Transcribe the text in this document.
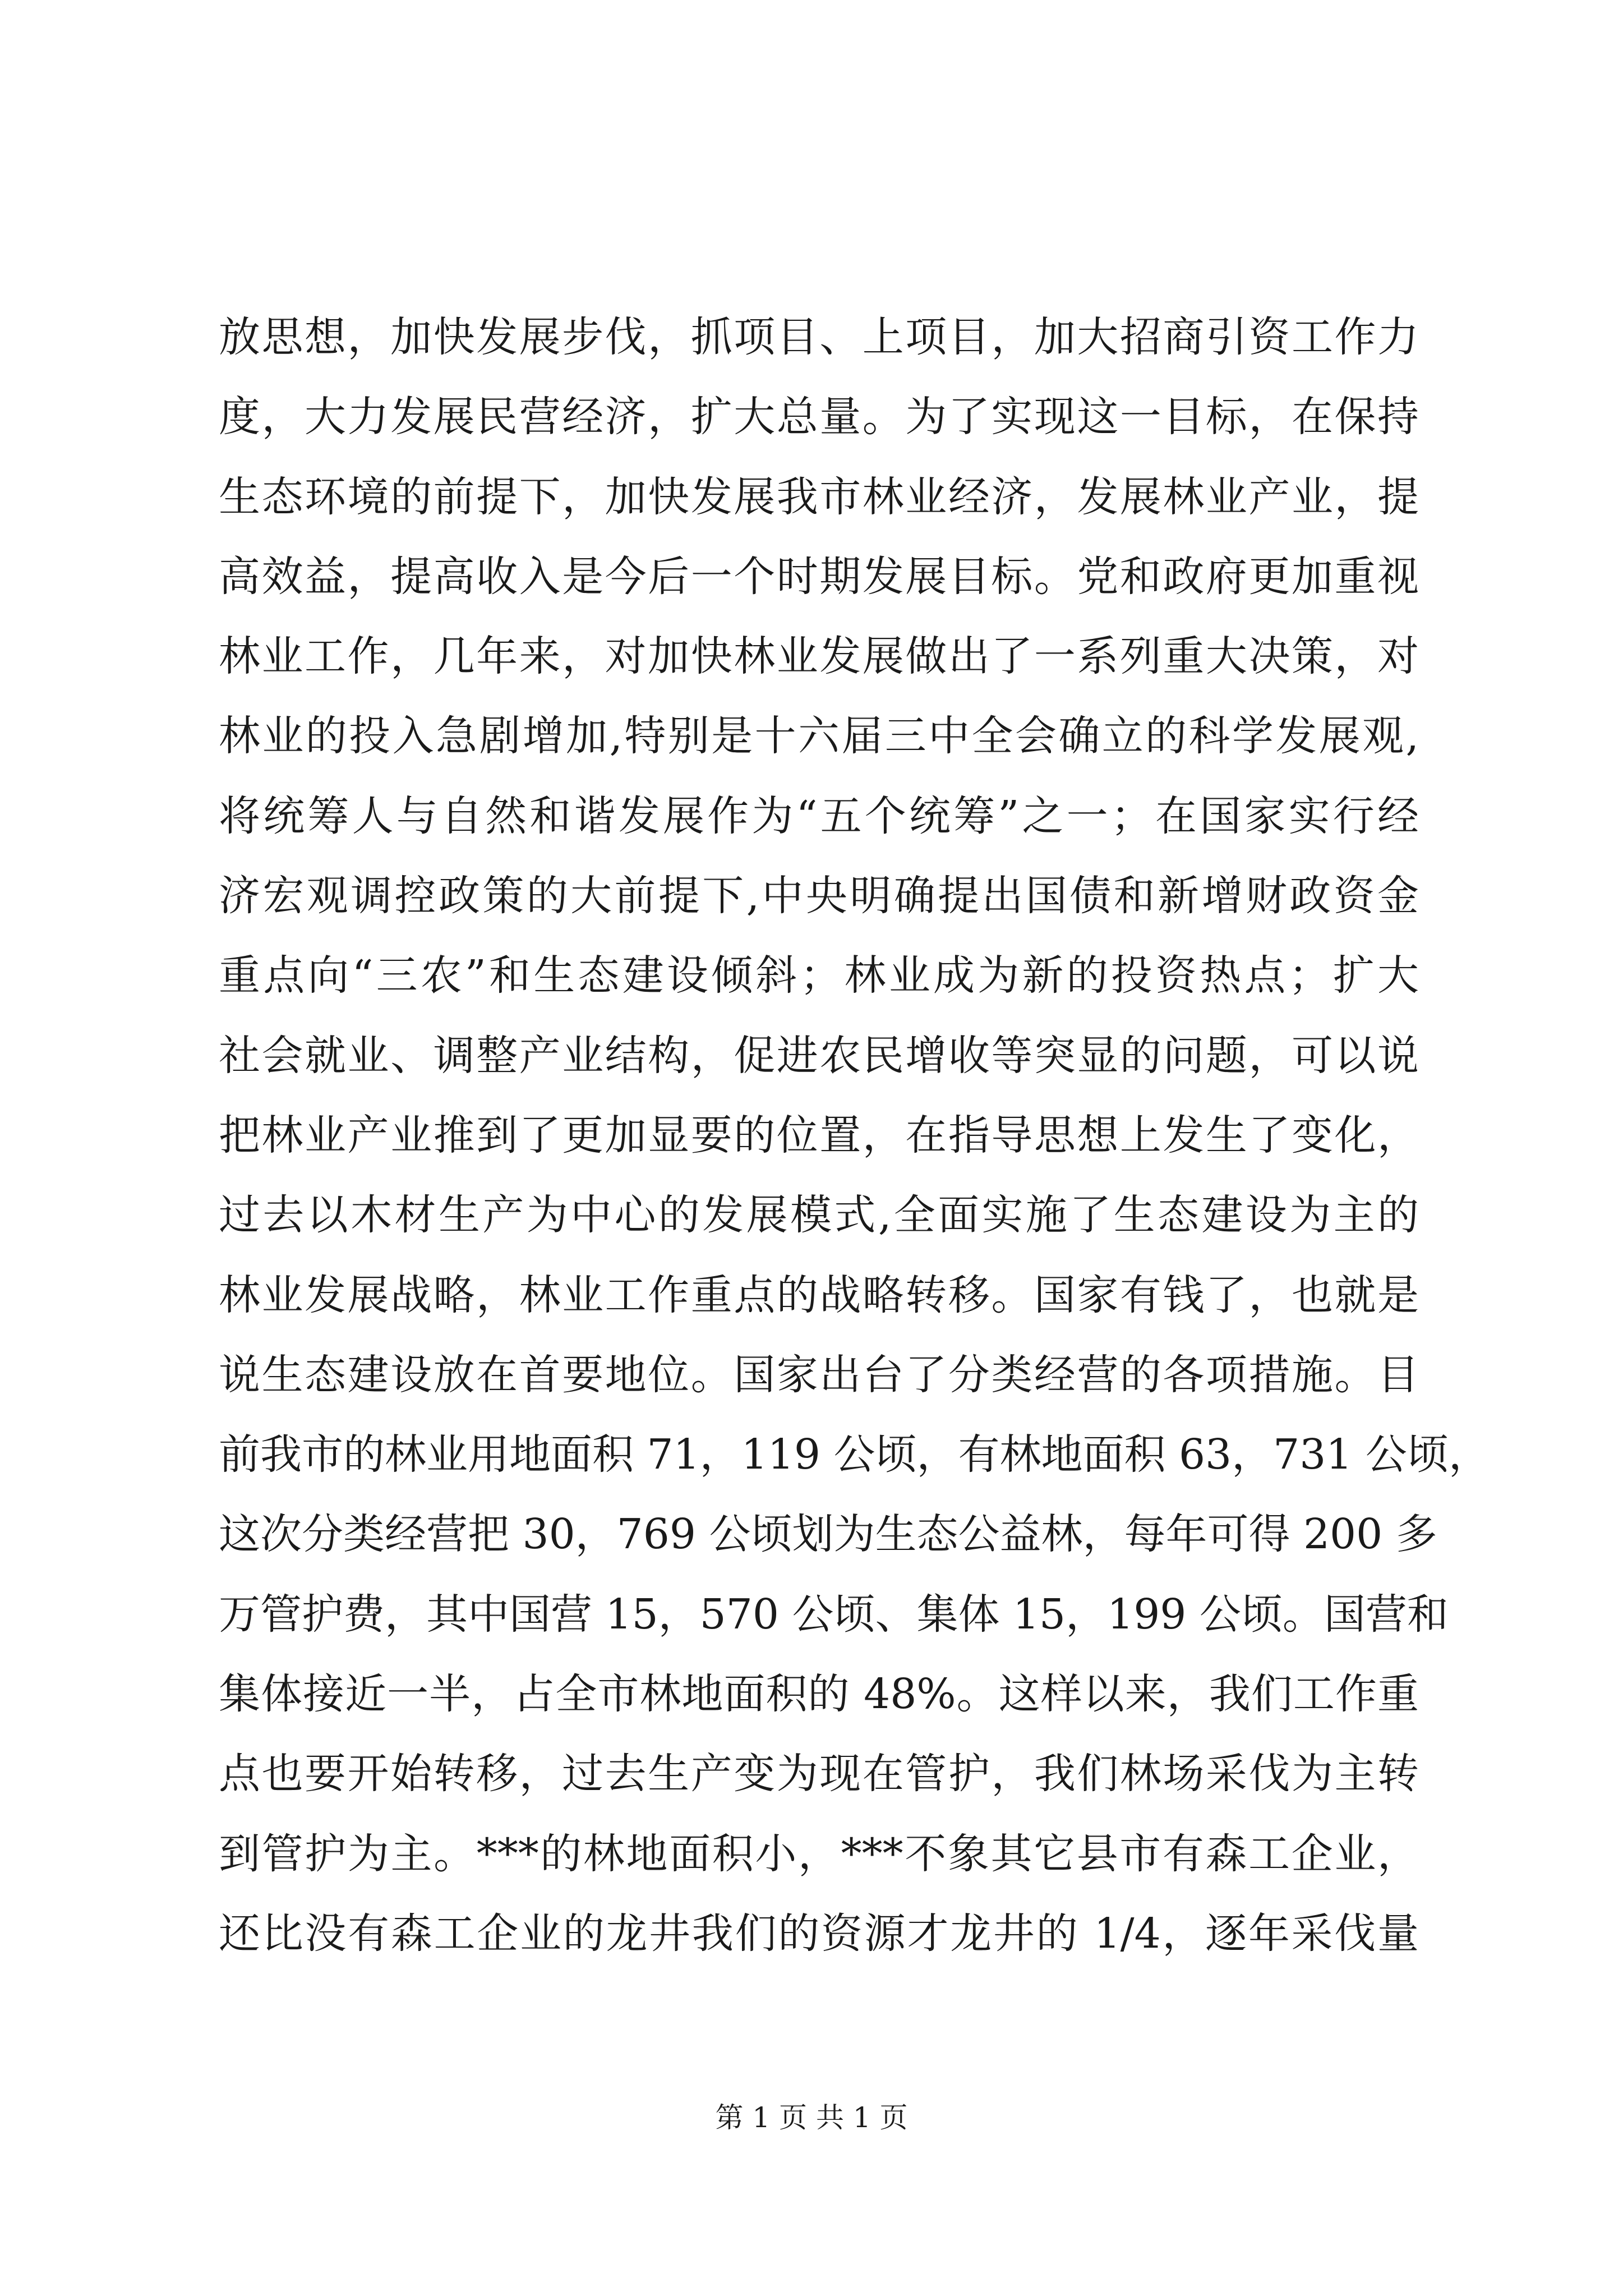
放思想，加快发展步伐，抓项目、上项目，加大招商引资工作力
度，大力发展民营经济，扩大总量。为了实现这一目标，在保持
生态环境的前提下，加快发展我市林业经济，发展林业产业，提
高效益，提高收入是今后一个时期发展目标。党和政府更加重视
林业工作，几年来，对加快林业发展做出了一系列重大决策，对
林业的投入急剧增加,特别是十六届三中全会确立的科学发展观,
将统筹人与自然和谐发展作为“五个统筹”之一；在国家实行经
济宏观调控政策的大前提下,中央明确提出国债和新增财政资金
重点向“三农”和生态建设倾斜；林业成为新的投资热点；扩大
社会就业、调整产业结构，促进农民增收等突显的问题，可以说
把林业产业推到了更加显要的位置，在指导思想上发生了变化，
过去以木材生产为中心的发展模式,全面实施了生态建设为主的
林业发展战略，林业工作重点的战略转移。国家有钱了，也就是
说生态建设放在首要地位。国家出台了分类经营的各项措施。目
前我市的林业用地面积 71，119 公顷，有林地面积 63，731 公顷，
这次分类经营把 30，769 公顷划为生态公益林，每年可得 200 多
万管护费，其中国营 15，570 公顷、集体 15，199 公顷。国营和
集体接近一半，占全市林地面积的 48%。这样以来，我们工作重
点也要开始转移，过去生产变为现在管护，我们林场采伐为主转
到管护为主。***的林地面积小，***不象其它县市有森工企业，
还比没有森工企业的龙井我们的资源才龙井的 1/4，逐年采伐量
第 1 页 共 1 页
